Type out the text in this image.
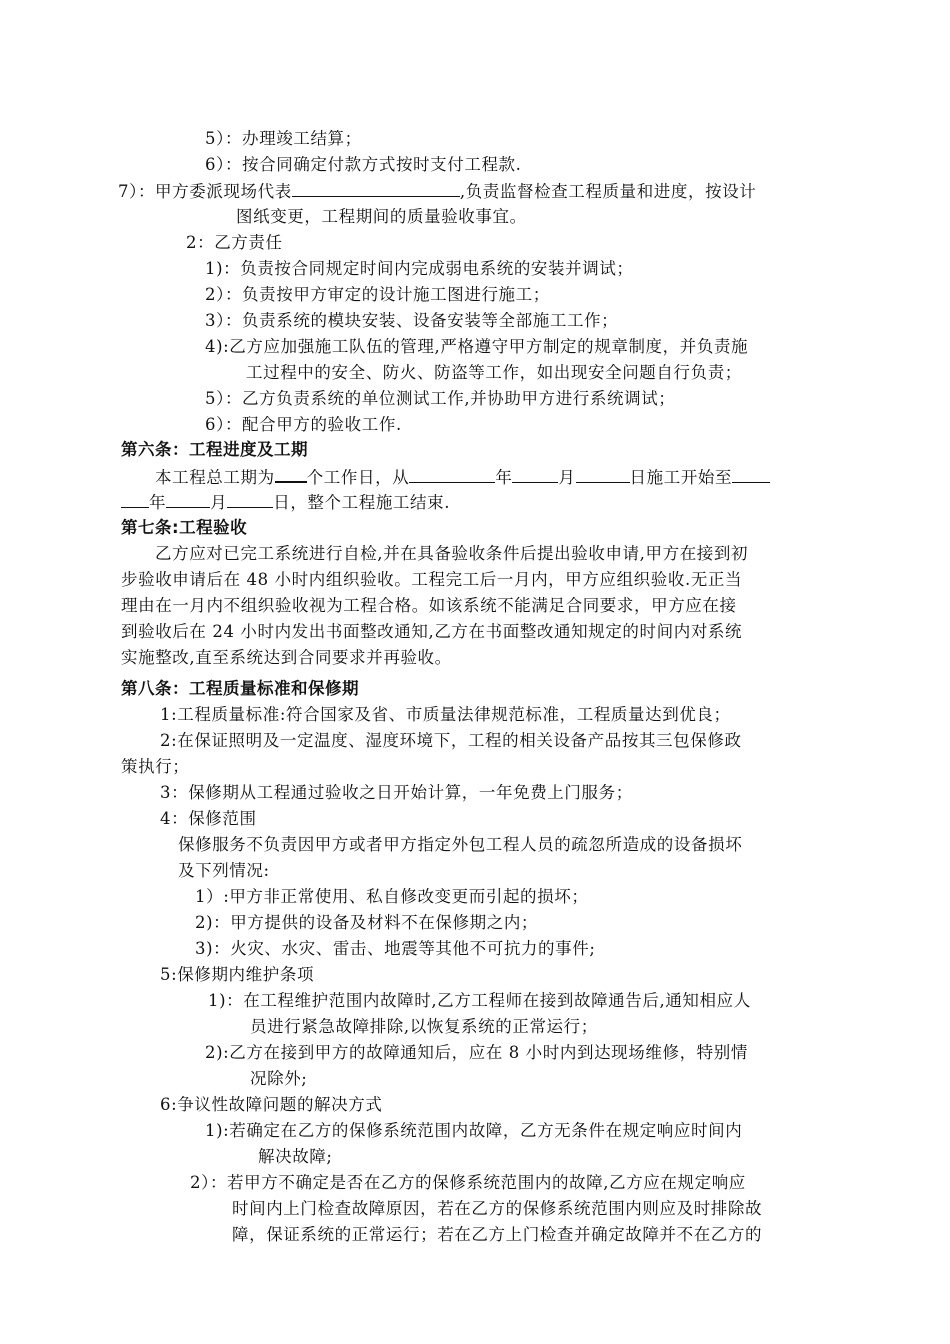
5）：办理竣工结算；
6）：按合同确定付款方式按时支付工程款.
7）：甲方委派现场代表	,负责监督检查工程质量和进度，按设计
图纸变更，工程期间的质量验收事宜。
2：乙方责任
1)：负责按合同规定时间内完成弱电系统的安装并调试；
2）：负责按甲方审定的设计施工图进行施工；
3）：负责系统的模块安装、设备安装等全部施工工作；
4):乙方应加强施工队伍的管理,严格遵守甲方制定的规章制度，并负责施
工过程中的安全、防火、防盗等工作，如出现安全问题自行负责；
5）：乙方负责系统的单位测试工作,并协助甲方进行系统调试；
6）：配合甲方的验收工作.
第六条：工程进度及工期
本工程总工期为 个工作日，从	年	月	日施工开始至
年	月	日，整个工程施工结束.
第七条:工程验收
乙方应对已完工系统进行自检,并在具备验收条件后提出验收申请,甲方在接到初
步验收申请后在 48 小时内组织验收。工程完工后一月内，甲方应组织验收.无正当
理由在一月内不组织验收视为工程合格。如该系统不能满足合同要求，甲方应在接
到验收后在 24 小时内发出书面整改通知,乙方在书面整改通知规定的时间内对系统
实施整改,直至系统达到合同要求并再验收。
第八条：工程质量标准和保修期
1:工程质量标准:符合国家及省、市质量法律规范标准，工程质量达到优良；
2:在保证照明及一定温度、湿度环境下，工程的相关设备产品按其三包保修政
策执行；
3：保修期从工程通过验收之日开始计算，一年免费上门服务；
4：保修范围
保修服务不负责因甲方或者甲方指定外包工程人员的疏忽所造成的设备损坏
及下列情况:
1）:甲方非正常使用、私自修改变更而引起的损坏；
2)：甲方提供的设备及材料不在保修期之内；
3)：火灾、水灾、雷击、地震等其他不可抗力的事件;
5:保修期内维护条项
1)：在工程维护范围内故障时,乙方工程师在接到故障通告后,通知相应人
员进行紧急故障排除,以恢复系统的正常运行；
2):乙方在接到甲方的故障通知后，应在 8 小时内到达现场维修，特别情
况除外;
6:争议性故障问题的解决方式
1):若确定在乙方的保修系统范围内故障，乙方无条件在规定响应时间内
解决故障;
2）：若甲方不确定是否在乙方的保修系统范围内的故障,乙方应在规定响应
时间内上门检查故障原因，若在乙方的保修系统范围内则应及时排除故
障，保证系统的正常运行；若在乙方上门检查并确定故障并不在乙方的
